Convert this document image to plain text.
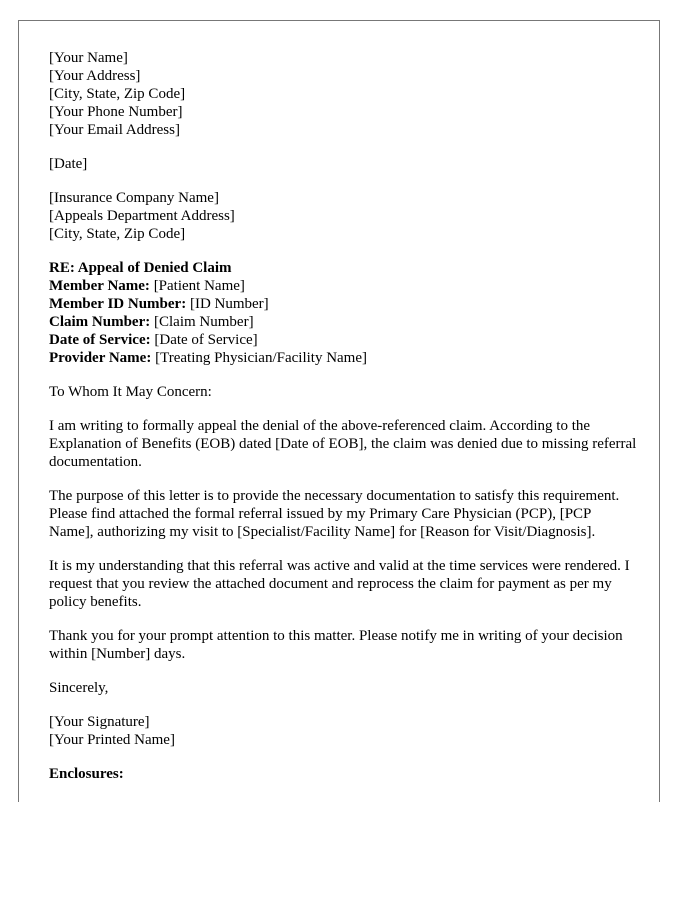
[Your Name]
[Your Address]
[City, State, Zip Code]
[Your Phone Number]
[Your Email Address]
[Date]
[Insurance Company Name]
[Appeals Department Address]
[City, State, Zip Code]
RE: Appeal of Denied Claim
Member Name: [Patient Name]
Member ID Number: [ID Number]
Claim Number: [Claim Number]
Date of Service: [Date of Service]
Provider Name: [Treating Physician/Facility Name]

To Whom It May Concern:

I am writing to formally appeal the denial of the above-referenced claim. According to the Explanation of Benefits (EOB) dated [Date of EOB], the claim was denied due to missing referral documentation.

The purpose of this letter is to provide the necessary documentation to satisfy this requirement. Please find attached the formal referral issued by my Primary Care Physician (PCP), [PCP Name], authorizing my visit to [Specialist/Facility Name] for [Reason for Visit/Diagnosis].

It is my understanding that this referral was active and valid at the time services were rendered. I request that you review the attached document and reprocess the claim for payment as per my policy benefits.

Thank you for your prompt attention to this matter. Please notify me in writing of your decision within [Number] days.

Sincerely,

[Your Signature]
[Your Printed Name]
Enclosures:
